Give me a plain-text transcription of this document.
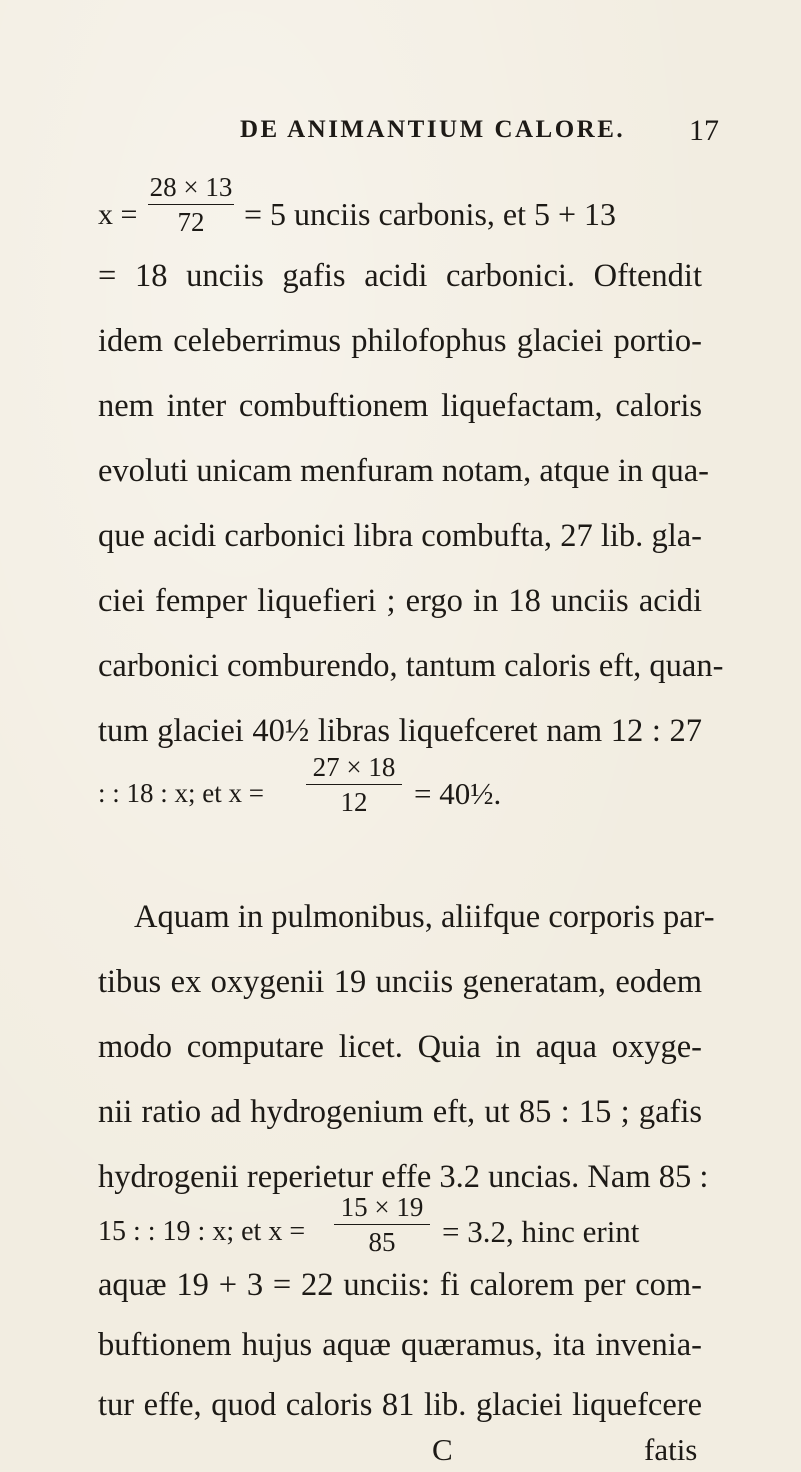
DE ANIMANTIUM CALORE. 17
x =
28 × 13
72	= 5 unciis carbonis, et 5 + 13
= 18 unciis gafis acidi carbonici. Oftendit
idem celeberrimus philofophus glaciei portio-
nem inter combuftionem liquefactam, caloris
evoluti unicam menfuram notam, atque in qua-
que acidi carbonici libra combufta, 27 lib. gla-
ciei femper liquefieri ; ergo in 18 unciis acidi
carbonici comburendo, tantum caloris eft, quan-
tum glaciei 40½ libras liquefceret nam 12 : 27
: : 18 : x; et x =
27 × 18
12	= 40½.
Aquam in pulmonibus, aliifque corporis par-
tibus ex oxygenii 19 unciis generatam, eodem
modo computare licet. Quia in aqua oxyge-
nii ratio ad hydrogenium eft, ut 85 : 15 ; gafis
hydrogenii reperietur effe 3.2 uncias. Nam 85 :
15 : : 19 : x; et x =
15 × 19
85	= 3.2, hinc erint
aquæ 19 + 3 = 22 unciis: fi calorem per com-
buftionem hujus aquæ quæramus, ita invenia-
tur effe, quod caloris 81 lib. glaciei liquefcere
C	fatis
